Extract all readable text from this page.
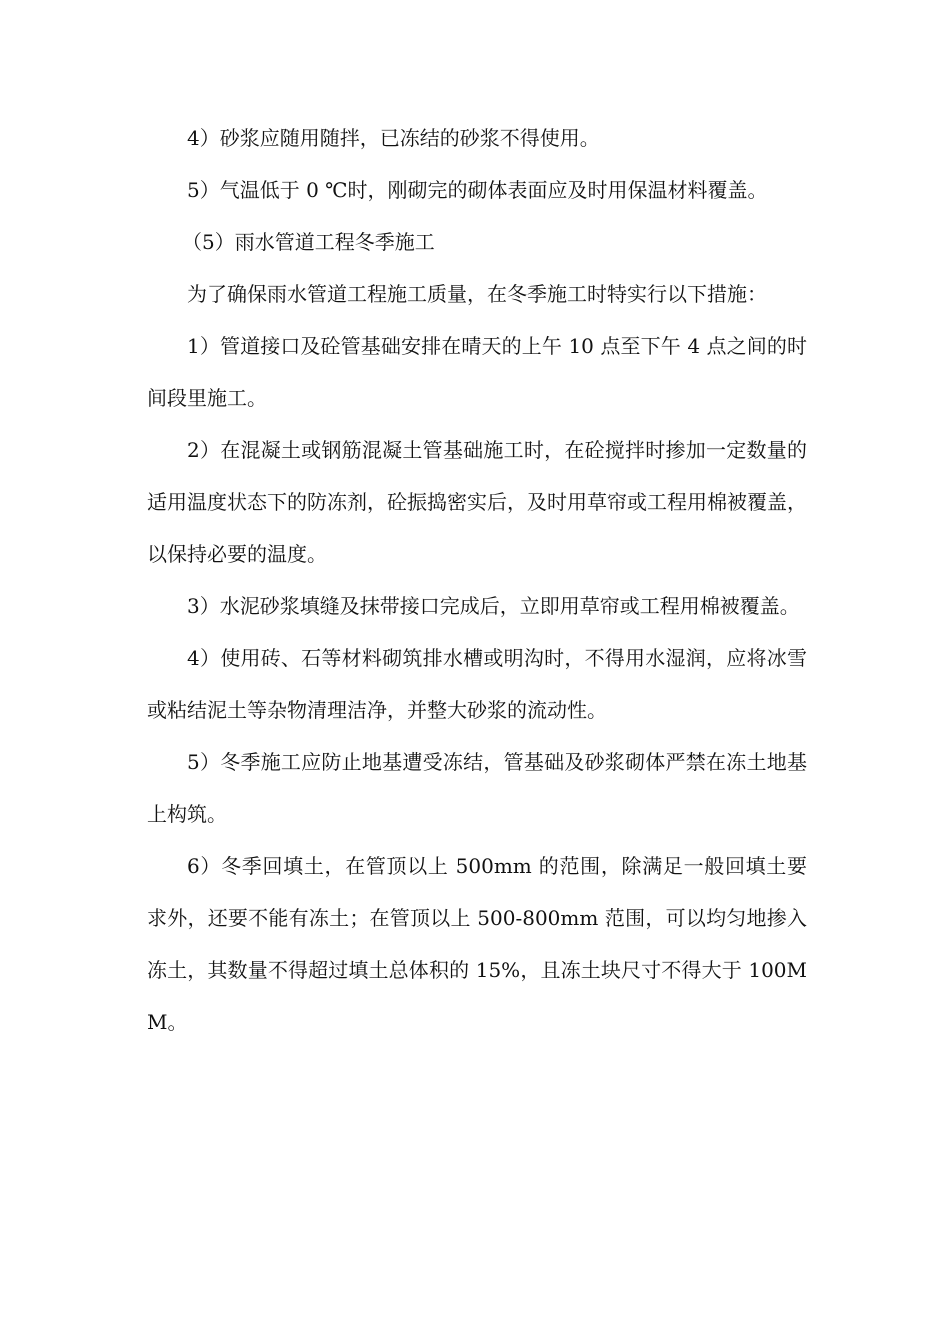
4）砂浆应随用随拌，已冻结的砂浆不得使用。

5）气温低于 0 ℃时，刚砌完的砌体表面应及时用保温材料覆盖。

（5）雨水管道工程冬季施工

为了确保雨水管道工程施工质量，在冬季施工时特实行以下措施：

1）管道接口及砼管基础安排在晴天的上午 10 点至下午 4 点之间的时间段里施工。

2）在混凝土或钢筋混凝土管基础施工时，在砼搅拌时掺加一定数量的适用温度状态下的防冻剂，砼振捣密实后，及时用草帘或工程用棉被覆盖，以保持必要的温度。

3）水泥砂浆填缝及抹带接口完成后，立即用草帘或工程用棉被覆盖。

4）使用砖、石等材料砌筑排水槽或明沟时，不得用水湿润，应将冰雪或粘结泥土等杂物清理洁净，并整大砂浆的流动性。

5）冬季施工应防止地基遭受冻结，管基础及砂浆砌体严禁在冻土地基上构筑。

6）冬季回填土，在管顶以上 500mm 的范围，除满足一般回填土要求外，还要不能有冻土；在管顶以上 500-800mm 范围，可以均匀地掺入冻土，其数量不得超过填土总体积的 15%，且冻土块尺寸不得大于 100MM。
